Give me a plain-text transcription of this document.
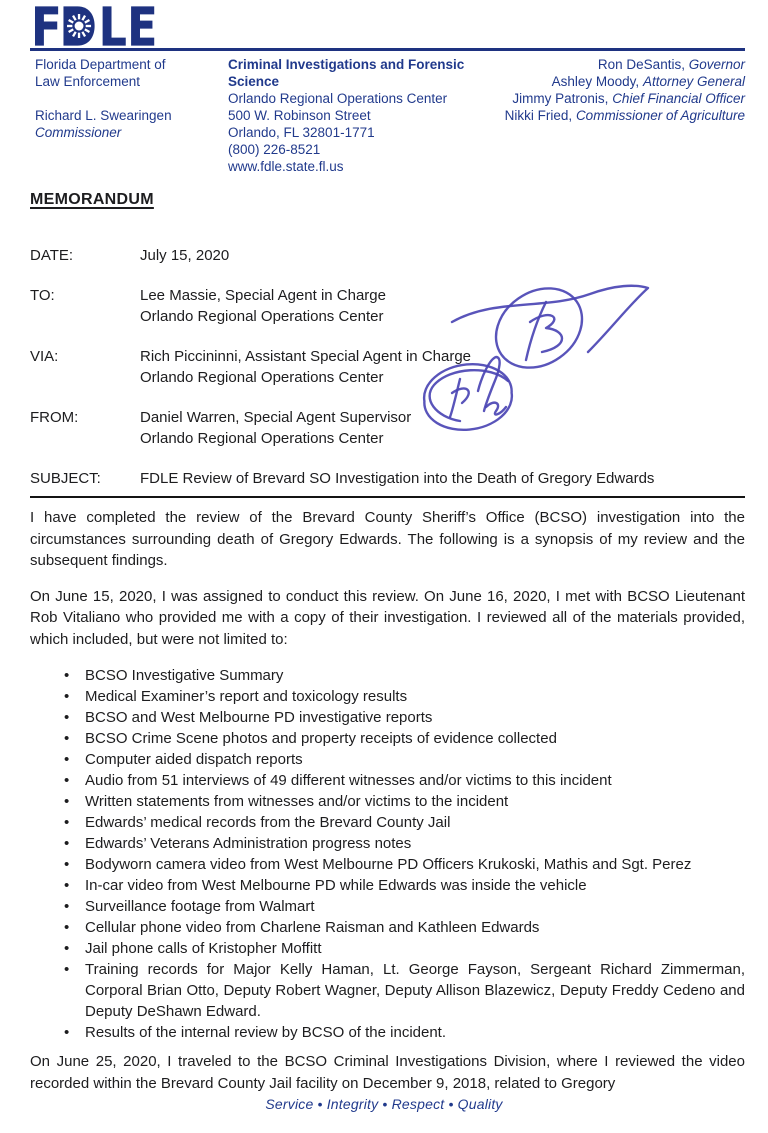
Florida Department of
Law Enforcement
Richard L. Swearingen
Commissioner
Criminal Investigations and Forensic Science
Orlando Regional Operations Center
500 W. Robinson Street
Orlando, FL 32801-1771
(800) 226-8521
www.fdle.state.fl.us
Ron DeSantis, Governor
Ashley Moody, Attorney General
Jimmy Patronis, Chief Financial Officer
Nikki Fried, Commissioner of Agriculture
MEMORANDUM
DATE:	July 15, 2020
TO:	Lee Massie, Special Agent in Charge
Orlando Regional Operations Center
VIA:	Rich Piccininni, Assistant Special Agent in Charge
Orlando Regional Operations Center
FROM:	Daniel Warren, Special Agent Supervisor
Orlando Regional Operations Center
SUBJECT:	FDLE Review of Brevard SO Investigation into the Death of Gregory Edwards

I have completed the review of the Brevard County Sheriff’s Office (BCSO) investigation into the circumstances surrounding death of Gregory Edwards. The following is a synopsis of my review and the subsequent findings.

On June 15, 2020, I was assigned to conduct this review. On June 16, 2020, I met with BCSO Lieutenant Rob Vitaliano who provided me with a copy of their investigation. I reviewed all of the materials provided, which included, but were not limited to:

• BCSO Investigative Summary
• Medical Examiner’s report and toxicology results
• BCSO and West Melbourne PD investigative reports
• BCSO Crime Scene photos and property receipts of evidence collected
• Computer aided dispatch reports
• Audio from 51 interviews of 49 different witnesses and/or victims to this incident
• Written statements from witnesses and/or victims to the incident
• Edwards’ medical records from the Brevard County Jail
• Edwards’ Veterans Administration progress notes
• Bodyworn camera video from West Melbourne PD Officers Krukoski, Mathis and Sgt. Perez
• In-car video from West Melbourne PD while Edwards was inside the vehicle
• Surveillance footage from Walmart
• Cellular phone video from Charlene Raisman and Kathleen Edwards
• Jail phone calls of Kristopher Moffitt
• Training records for Major Kelly Haman, Lt. George Fayson, Sergeant Richard Zimmerman, Corporal Brian Otto, Deputy Robert Wagner, Deputy Allison Blazewicz, Deputy Freddy Cedeno and Deputy DeShawn Edward.
• Results of the internal review by BCSO of the incident.

On June 25, 2020, I traveled to the BCSO Criminal Investigations Division, where I reviewed the video recorded within the Brevard County Jail facility on December 9, 2018, related to Gregory

Service • Integrity • Respect • Quality
